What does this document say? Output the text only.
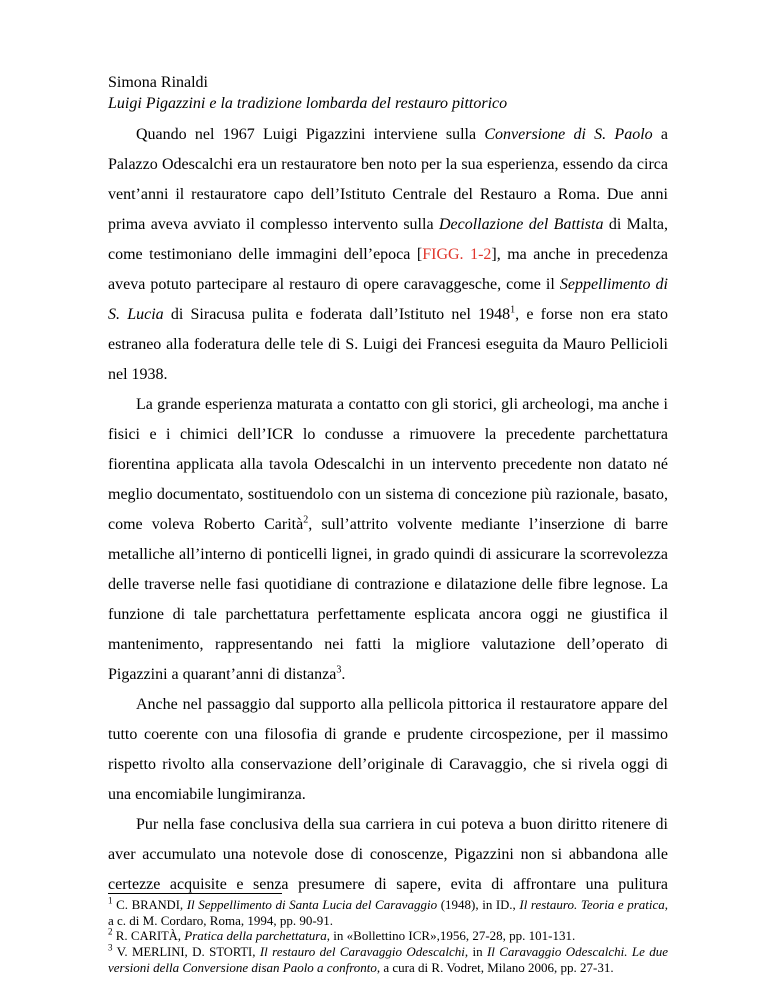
Simona Rinaldi
Luigi Pigazzini e la tradizione lombarda del restauro pittorico

Quando nel 1967 Luigi Pigazzini interviene sulla Conversione di S. Paolo a Palazzo Odescalchi era un restauratore ben noto per la sua esperienza, essendo da circa vent’anni il restauratore capo dell’Istituto Centrale del Restauro a Roma. Due anni prima aveva avviato il complesso intervento sulla Decollazione del Battista di Malta, come testimoniano delle immagini dell’epoca [FIGG. 1-2], ma anche in precedenza aveva potuto partecipare al restauro di opere caravaggesche, come il Seppellimento di S. Lucia di Siracusa pulita e foderata dall’Istituto nel 1948$^1$, e forse non era stato estraneo alla foderatura delle tele di S. Luigi dei Francesi eseguita da Mauro Pellicioli nel 1938.

La grande esperienza maturata a contatto con gli storici, gli archeologi, ma anche i fisici e i chimici dell’ICR lo condusse a rimuovere la precedente parchettatura fiorentina applicata alla tavola Odescalchi in un intervento precedente non datato né meglio documentato, sostituendolo con un sistema di concezione più razionale, basato, come voleva Roberto Carità$^2$, sull’attrito volvente mediante l’inserzione di barre metalliche all’interno di ponticelli lignei, in grado quindi di assicurare la scorrevolezza delle traverse nelle fasi quotidiane di contrazione e dilatazione delle fibre legnose. La funzione di tale parchettatura perfettamente esplicata ancora oggi ne giustifica il mantenimento, rappresentando nei fatti la migliore valutazione dell’operato di Pigazzini a quarant’anni di distanza$^3$.

Anche nel passaggio dal supporto alla pellicola pittorica il restauratore appare del tutto coerente con una filosofia di grande e prudente circospezione, per il massimo rispetto rivolto alla conservazione dell’originale di Caravaggio, che si rivela oggi di una encomiabile lungimiranza.

Pur nella fase conclusiva della sua carriera in cui poteva a buon diritto ritenere di aver accumulato una notevole dose di conoscenze, Pigazzini non si abbandona alle certezze acquisite e senza presumere di sapere, evita di affrontare una pulitura

$^1$ C. BRANDI, Il Seppellimento di Santa Lucia del Caravaggio (1948), in ID., Il restauro. Teoria e pratica, a c. di M. Cordaro, Roma, 1994, pp. 90-91.
$^2$ R. CARITÀ, Pratica della parchettatura, in «Bollettino ICR»,1956, 27-28, pp. 101-131.
$^3$ V. MERLINI, D. STORTI, Il restauro del Caravaggio Odescalchi, in Il Caravaggio Odescalchi. Le due versioni della Conversione disan Paolo a confronto, a cura di R. Vodret, Milano 2006, pp. 27-31.
